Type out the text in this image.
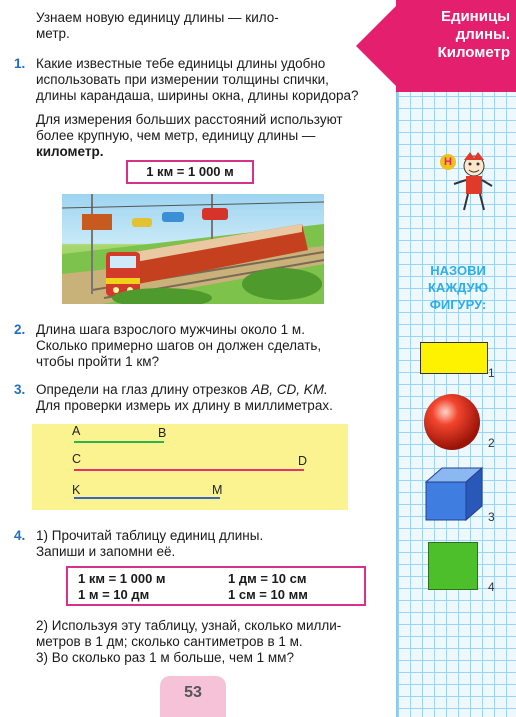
Единицы
длины.
Километр
Узнаем новую единицу длины — кило-
метр.
1. Какие известные тебе единицы длины удобно
использовать при измерении толщины спички,
длины карандаша, ширины окна, длины коридора?
Для измерения больших расстояний используют
более крупную, чем метр, единицу длины —
километр.
1 км = 1 000 м
2. Длина шага взрослого мужчины около 1 м.
Сколько примерно шагов он должен сделать,
чтобы пройти 1 км?
3. Определи на глаз длину отрезков AB, CD, KM.
Для проверки измерь их длину в миллиметрах.
A	B
C	D
K	M
4. 1) Прочитай таблицу единиц длины.
Запиши и запомни её.
1 км = 1 000 м	1 дм = 10 см
1 м = 10 дм	1 см = 10 мм
2) Используя эту таблицу, узнай, сколько милли-
метров в 1 дм; сколько сантиметров в 1 м.
3) Во сколько раз 1 м больше, чем 1 мм?
53
Н
НАЗОВИ
КАЖДУЮ
ФИГУРУ:
1
2
3
4
